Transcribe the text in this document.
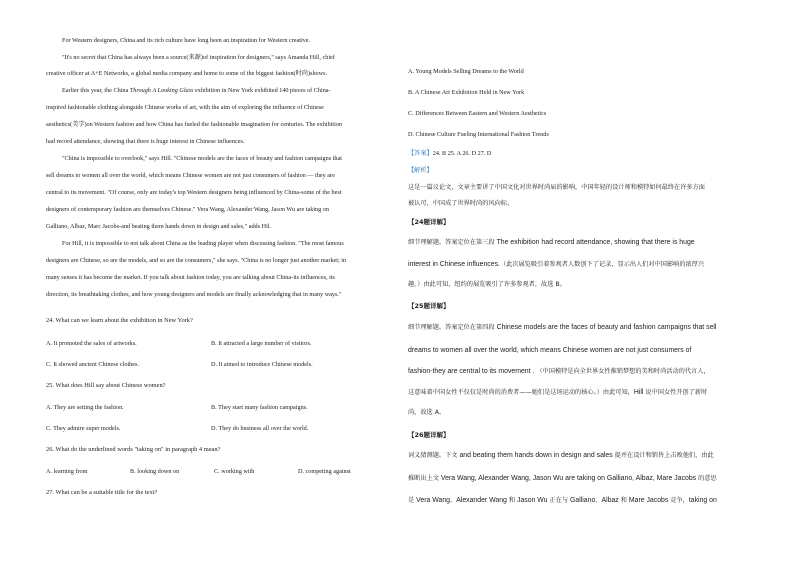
For Western designers, China and its rich culture have long been an inspiration for Western creative.
"It's no secret that China has always been a source(来源)of inspiration for designers," says Amanda Hill, chief
creative officer at A+E Networks, a global media company and home to some of the biggest fashion(时尚)shows.
Earlier this year, the China Through A Looking Glass exhibition in New York exhibited 140 pieces of China-
inspired fashionable clothing alongside Chinese works of art, with the aim of exploring the influence of Chinese
aesthetics(美学)on Western fashion and how China has fueled the fashionable imagination for centuries. The exhibition
had record attendance, showing that there is huge interest in Chinese influences.
"China is impossible to overlook," says Hill. "Chinese models are the faces of beauty and fashion campaigns that
sell dreams to women all over the world, which means Chinese women are not just consumers of fashion — they are
central to its movement. "Of course, only are today's top Western designers being influenced by China-some of the best
designers of contemporary fashion are themselves Chinese." Vera Wang, Alexander Wang, Jason Wu are taking on
Galliano, Albaz, Marc Jacobs-and beating them hands down in design and sales," adds Hil.
For Hill, it is impossible to not talk about China as the leading player when discussing fashion. "The most famous
designers are Chinese, so are the models, and so are the consumers," she says. "China is no longer just another market; in
many senses it has become the market. If you talk about fashion today, you are talking about China-its influences, its
direction, its breathtaking clothes, and how young designers and models are finally acknowledging that in many ways."
24. What can we learn about the exhibition in New York?
A. It promoted the sales of artworks.	B. It attracted a large number of visitors.
C. It showed ancient Chinese clothes.	D. It aimed to introduce Chinese models.
25. What does Hill say about Chinese women?
A. They are setting the fashion.	B. They start many fashion campaigns.
C. They admire super models.	D. They do business all over the world.
26. What do the underlined words "taking on" in paragraph 4 mean?
A. learning from	B. looking down on	C. working with	D. competing against
27. What can be a suitable title for the text?
A. Young Models Selling Dreams to the World
B. A Chinese Art Exhibition Held in New York
C. Differences Between Eastern and Western Aesthetics
D. Chinese Culture Fueling International Fashion Trends
【答案】24. B 25. A 26. D 27. D
【解析】
这是一篇议论文，文章主要讲了中国文化对世界时尚届的影响，中国年轻的设计师和模特如何最终在许多方面
被认可，中国成了世界时尚的风向标。
【24题详解】
细节理解题。答案定位在第三段 The exhibition had record attendance, showing that there is huge
interest in Chinese influences.（此次展览吸引着参观者人数创下了记录，显示出人们对中国影响的浓厚兴
趣。）由此可知，纽约的展览吸引了许多参观者，故选 B。
【25题详解】
细节理解题。答案定位在第四段 Chinese models are the faces of beauty and fashion campaigns that sell
dreams to women all over the world, which means Chinese women are not just consumers of
fashion-they are central to its movement . （中国模特是向全世界女性推销梦想的美和时尚活动的代言人，
这意味着中国女性不仅仅是时尚的消费者——她们是这场运动的核心。）由此可知，Hill 说中国女性开创了新时
尚，故选 A。
【26题详解】
词义猜测题。下文 and beating them hands down in design and sales 提并在设计和销售上击败他们，由此
推断出上文 Vera Wang, Alexander Wang, Jason Wu are taking on Galliano, Albaz, Mare Jacobs 的意思
是 Vera Wang、Alexander Wang 和 Jason Wu 正在与 Galliano、Albaz 和 Mare Jacobs 竞争，taking on
